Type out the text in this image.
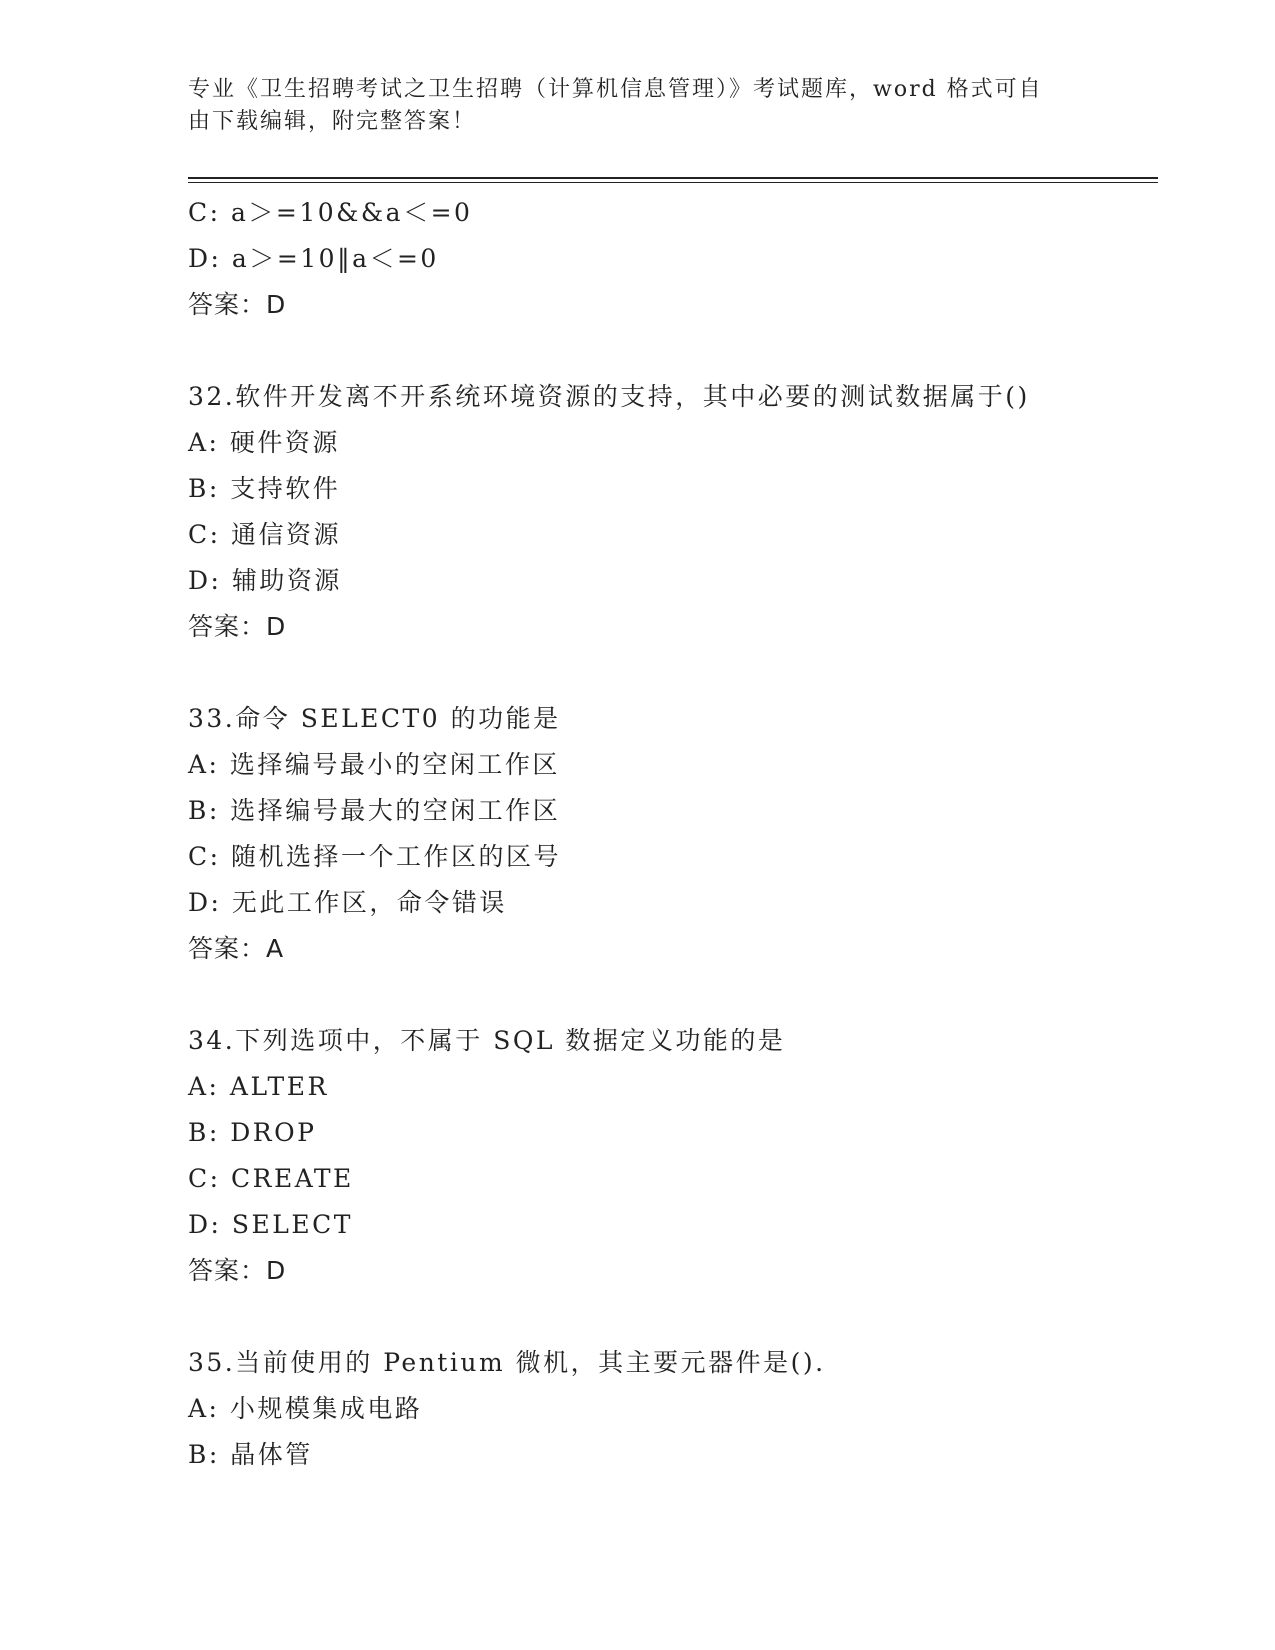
专业《卫生招聘考试之卫生招聘（计算机信息管理）》考试题库，word 格式可自
由下载编辑，附完整答案！
C: a＞=10&&a＜=0
D: a＞=10‖a＜=0
答案：D
32.软件开发离不开系统环境资源的支持，其中必要的测试数据属于()
A: 硬件资源
B: 支持软件
C: 通信资源
D: 辅助资源
答案：D
33.命令 SELECT0 的功能是
A: 选择编号最小的空闲工作区
B: 选择编号最大的空闲工作区
C: 随机选择一个工作区的区号
D: 无此工作区，命令错误
答案：A
34.下列选项中，不属于 SQL 数据定义功能的是
A: ALTER
B: DROP
C: CREATE
D: SELECT
答案：D
35.当前使用的 Pentium 微机，其主要元器件是().
A: 小规模集成电路
B: 晶体管
